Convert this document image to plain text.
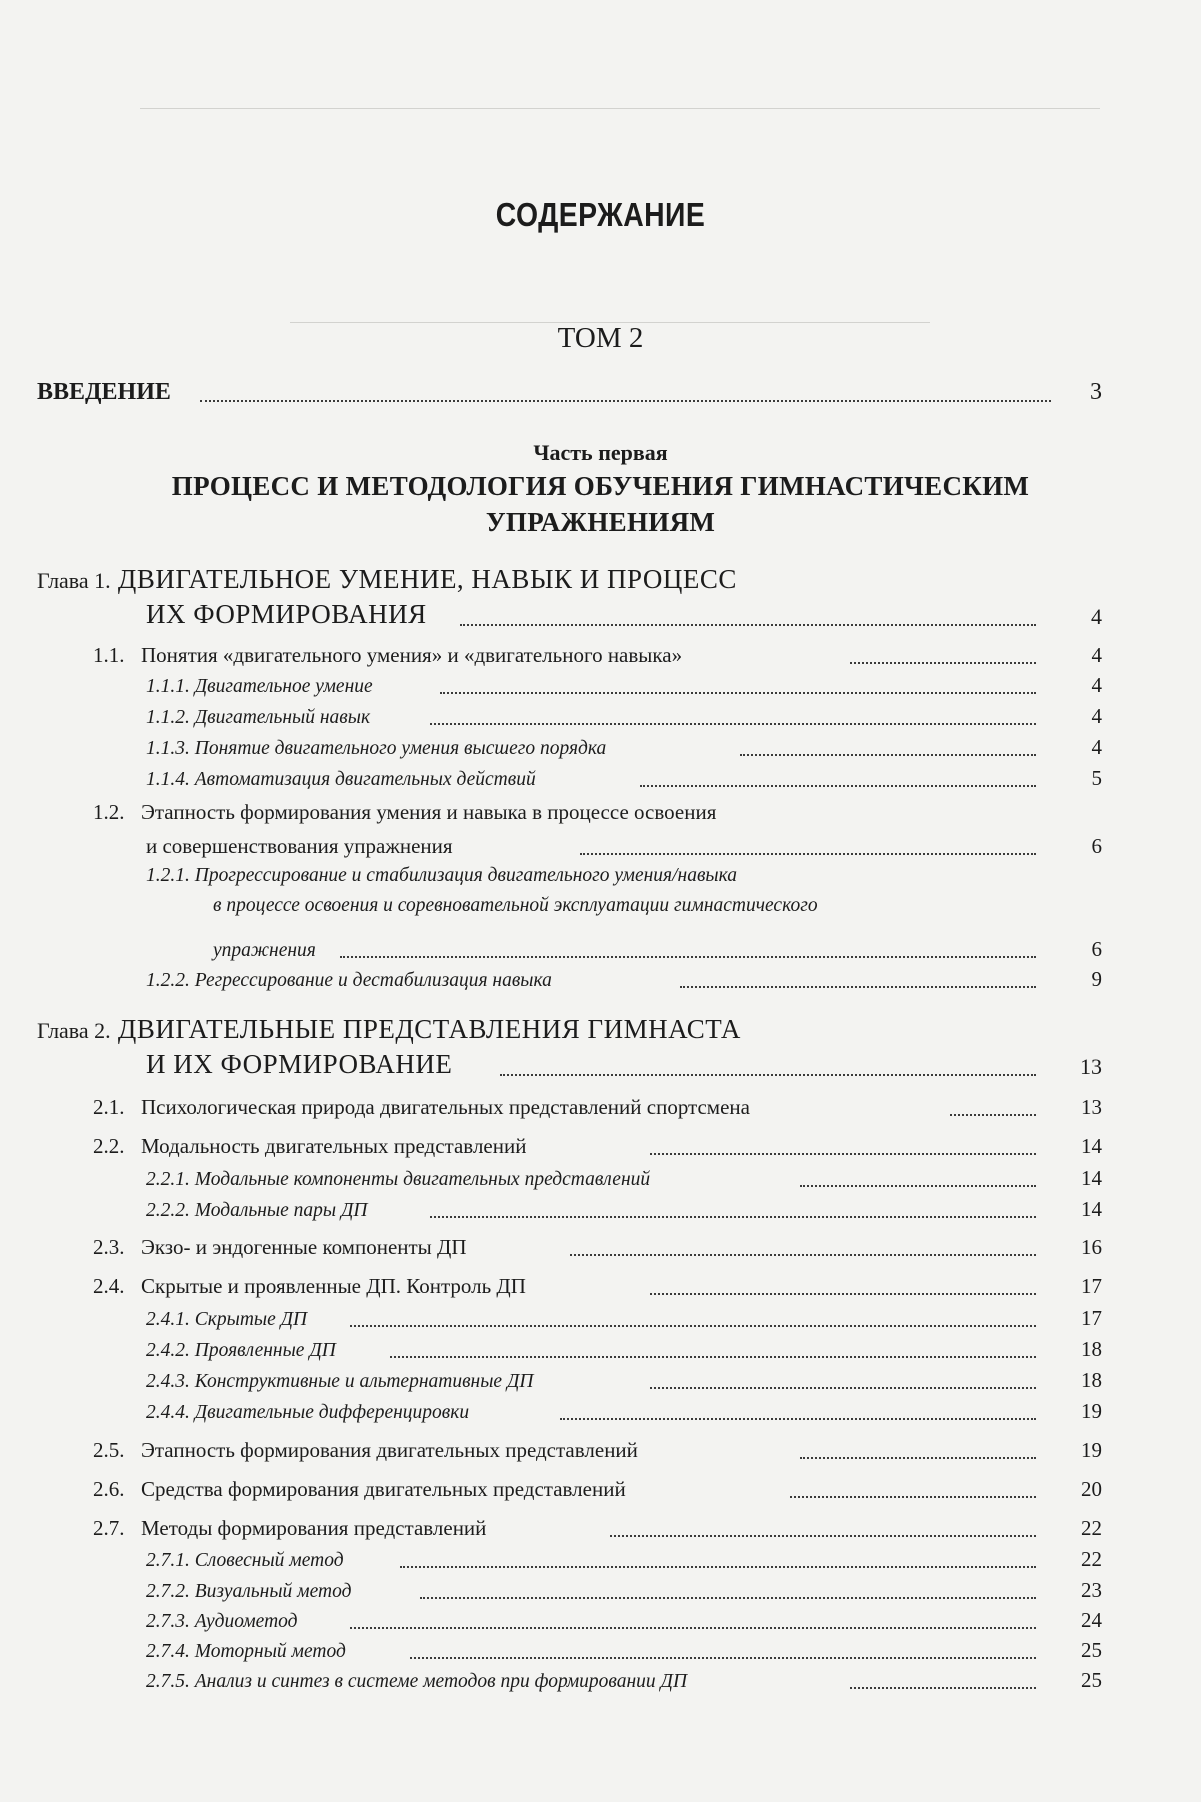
СОДЕРЖАНИЕ
ТОМ 2
ВВЕДЕНИЕ	3
Часть первая
ПРОЦЕСС И МЕТОДОЛОГИЯ ОБУЧЕНИЯ ГИМНАСТИЧЕСКИМ
УПРАЖНЕНИЯМ
Глава 1. ДВИГАТЕЛЬНОЕ УМЕНИЕ, НАВЫК И ПРОЦЕСС
ИХ ФОРМИРОВАНИЯ	4
1.1. Понятия «двигательного умения» и «двигательного навыка»	4
1.1.1. Двигательное умение	4
1.1.2. Двигательный навык	4
1.1.3. Понятие двигательного умения высшего порядка	4
1.1.4. Автоматизация двигательных действий	5
1.2. Этапность формирования умения и навыка в процессе освоения
и совершенствования упражнения	6
1.2.1. Прогрессирование и стабилизация двигательного умения/навыка
в процессе освоения и соревновательной эксплуатации гимнастического
упражнения	6
1.2.2. Регрессирование и дестабилизация навыка	9
Глава 2. ДВИГАТЕЛЬНЫЕ ПРЕДСТАВЛЕНИЯ ГИМНАСТА
И ИХ ФОРМИРОВАНИЕ	13
2.1. Психологическая природа двигательных представлений спортсмена	13
2.2. Модальность двигательных представлений	14
2.2.1. Модальные компоненты двигательных представлений	14
2.2.2. Модальные пары ДП	14
2.3. Экзо- и эндогенные компоненты ДП	16
2.4. Скрытые и проявленные ДП. Контроль ДП	17
2.4.1. Скрытые ДП	17
2.4.2. Проявленные ДП	18
2.4.3. Конструктивные и альтернативные ДП	18
2.4.4. Двигательные дифференцировки	19
2.5. Этапность формирования двигательных представлений	19
2.6. Средства формирования двигательных представлений	20
2.7. Методы формирования представлений	22
2.7.1. Словесный метод	22
2.7.2. Визуальный метод	23
2.7.3. Аудиометод	24
2.7.4. Моторный метод	25
2.7.5. Анализ и синтез в системе методов при формировании ДП	25
